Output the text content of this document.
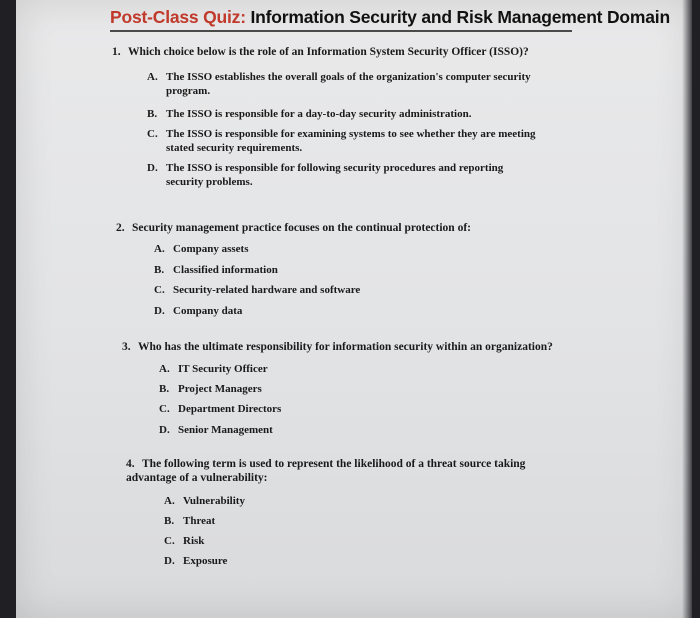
Post-Class Quiz: Information Security and Risk Management Domain
1. Which choice below is the role of an Information System Security Officer (ISSO)?
A. The ISSO establishes the overall goals of the organization's computer security program.
B. The ISSO is responsible for a day-to-day security administration.
C. The ISSO is responsible for examining systems to see whether they are meeting stated security requirements.
D. The ISSO is responsible for following security procedures and reporting security problems.
2. Security management practice focuses on the continual protection of:
A. Company assets
B. Classified information
C. Security-related hardware and software
D. Company data
3. Who has the ultimate responsibility for information security within an organization?
A. IT Security Officer
B. Project Managers
C. Department Directors
D. Senior Management
4. The following term is used to represent the likelihood of a threat source taking advantage of a vulnerability:
A. Vulnerability
B. Threat
C. Risk
D. Exposure
